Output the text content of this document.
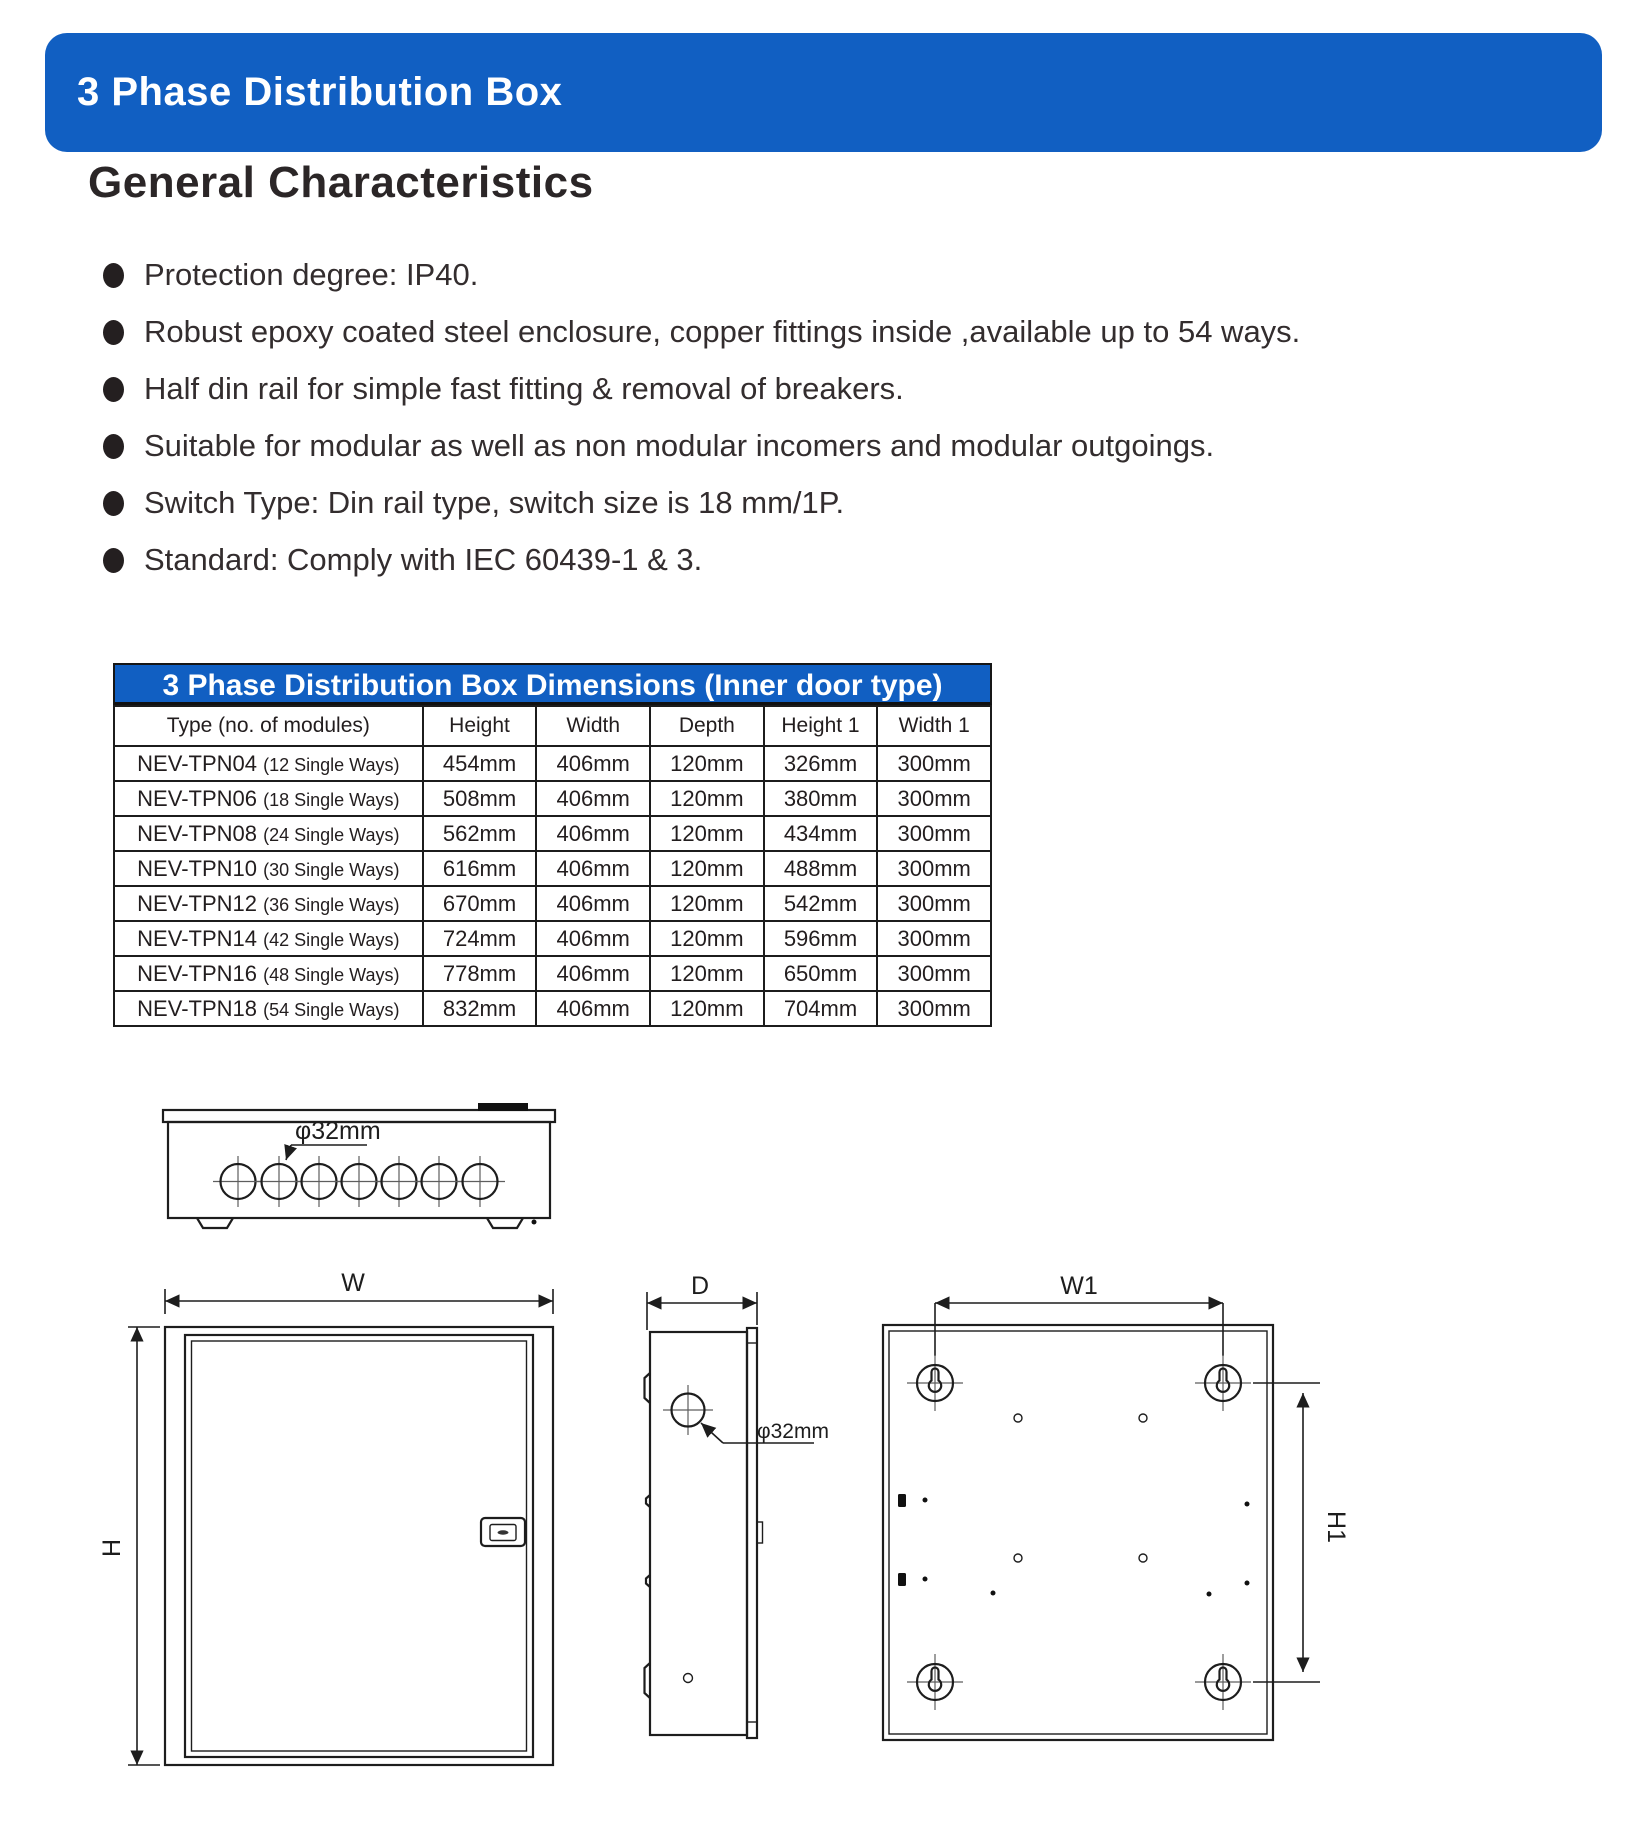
3 Phase Distribution Box
General Characteristics
Protection degree: IP40.
Robust epoxy coated steel enclosure, copper fittings inside ,available up to 54 ways.
Half din rail for simple fast fitting & removal of breakers.
Suitable for modular as well as non modular incomers and modular outgoings.
Switch Type: Din rail type, switch size is 18 mm/1P.
Standard: Comply with IEC 60439-1 & 3.
3 Phase Distribution Box Dimensions (Inner door type)
Type (no. of modules)	Height	Width	Depth	Height 1	Width 1
NEV-TPN04 (12 Single Ways)	454mm	406mm	120mm	326mm	300mm
NEV-TPN06 (18 Single Ways)	508mm	406mm	120mm	380mm	300mm
NEV-TPN08 (24 Single Ways)	562mm	406mm	120mm	434mm	300mm
NEV-TPN10 (30 Single Ways)	616mm	406mm	120mm	488mm	300mm
NEV-TPN12 (36 Single Ways)	670mm	406mm	120mm	542mm	300mm
NEV-TPN14 (42 Single Ways)	724mm	406mm	120mm	596mm	300mm
NEV-TPN16 (48 Single Ways)	778mm	406mm	120mm	650mm	300mm
NEV-TPN18 (54 Single Ways)	832mm	406mm	120mm	704mm	300mm
φ32mm
W
H
D
φ32mm
W1
H1
